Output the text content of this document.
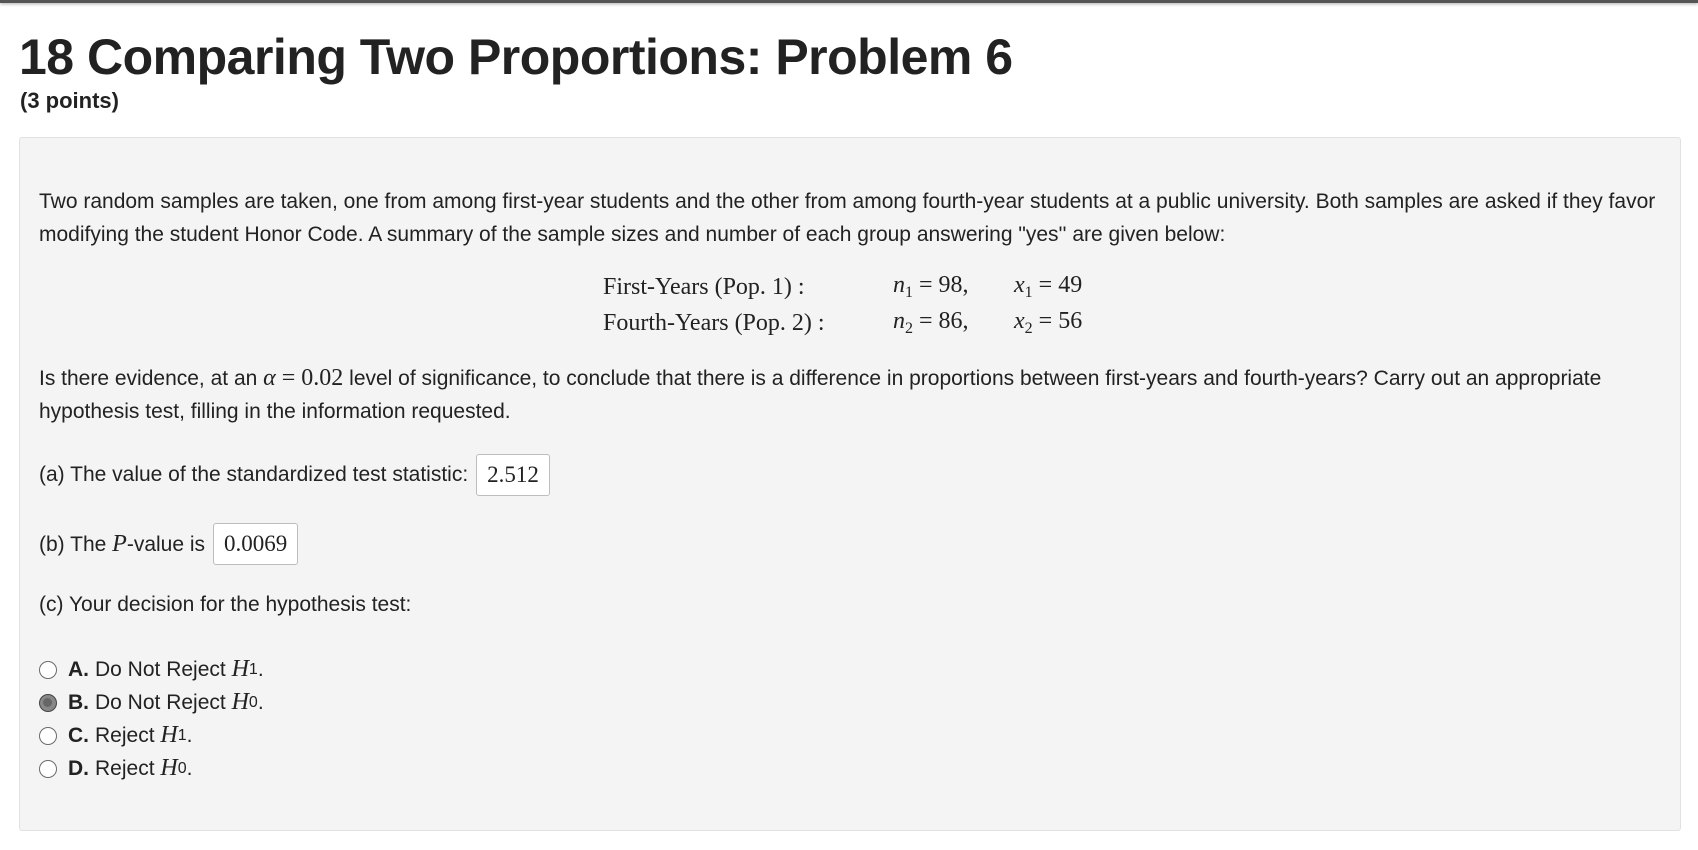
18 Comparing Two Proportions: Problem 6
(3 points)

Two random samples are taken, one from among first-year students and the other from among fourth-year students at a public university. Both samples are asked if they favor modifying the student Honor Code. A summary of the sample sizes and number of each group answering "yes'' are given below:

First-Years (Pop. 1) :	$n_1 = 98$,	$x_1 = 49$
Fourth-Years (Pop. 2) :	$n_2 = 86$,	$x_2 = 56$
Is there evidence, at an α = 0.02 level of significance, to conclude that there is a difference in proportions between first-years and fourth-years? Carry out an appropriate hypothesis test, filling in the information requested.
(a) The value of the standardized test statistic: 2.512
(b) The P-value is 0.0069
(c) Your decision for the hypothesis test:
A. Do Not Reject
H 1 .
B. Do Not Reject
H 0 .
C. Reject
H 1 .
D. Reject
H 0 .
